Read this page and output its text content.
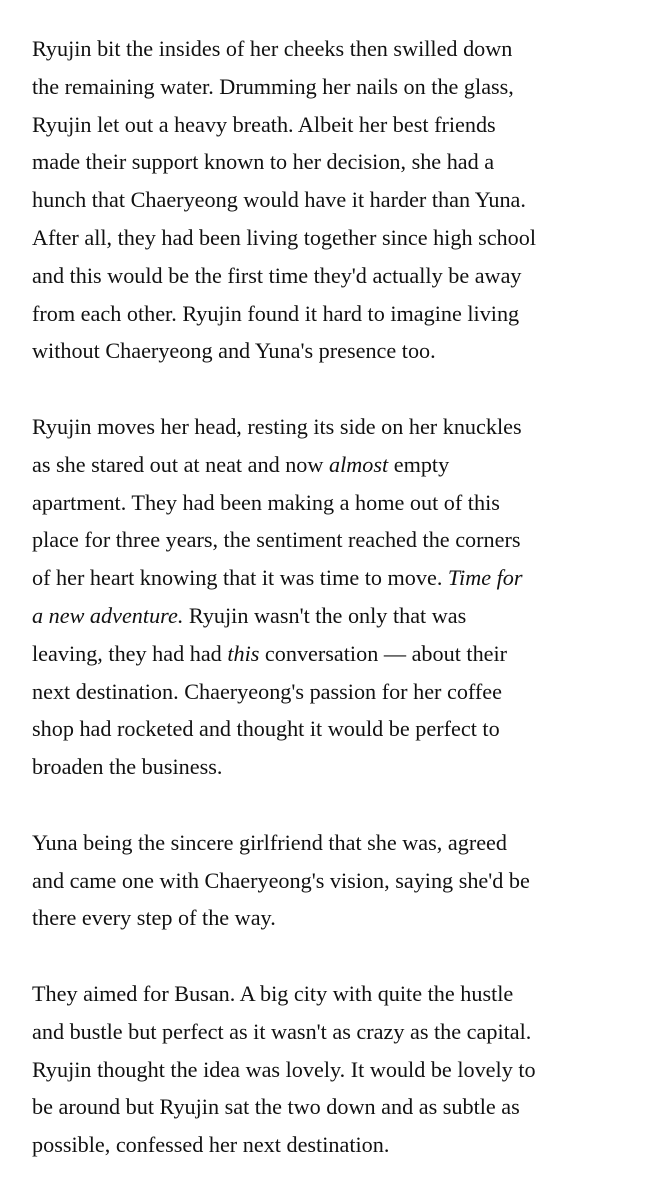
Ryujin bit the insides of her cheeks then swilled down
the remaining water. Drumming her nails on the glass,
Ryujin let out a heavy breath. Albeit her best friends
made their support known to her decision, she had a
hunch that Chaeryeong would have it harder than Yuna.
After all, they had been living together since high school
and this would be the first time they'd actually be away
from each other. Ryujin found it hard to imagine living
without Chaeryeong and Yuna's presence too.

Ryujin moves her head, resting its side on her knuckles
as she stared out at neat and now almost empty
apartment. They had been making a home out of this
place for three years, the sentiment reached the corners
of her heart knowing that it was time to move. Time for
a new adventure. Ryujin wasn't the only that was
leaving, they had had this conversation — about their
next destination. Chaeryeong's passion for her coffee
shop had rocketed and thought it would be perfect to
broaden the business.

Yuna being the sincere girlfriend that she was, agreed
and came one with Chaeryeong's vision, saying she'd be
there every step of the way.

They aimed for Busan. A big city with quite the hustle
and bustle but perfect as it wasn't as crazy as the capital.
Ryujin thought the idea was lovely. It would be lovely to
be around but Ryujin sat the two down and as subtle as
possible, confessed her next destination.
